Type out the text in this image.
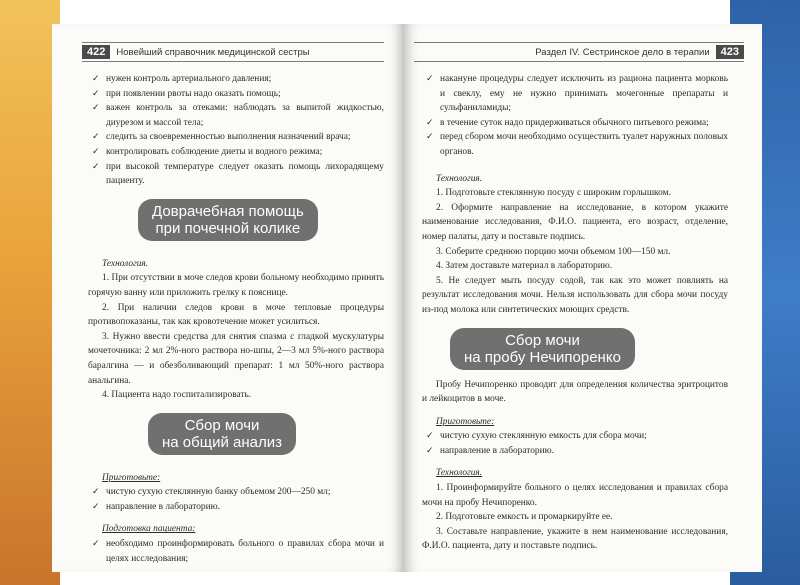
422	Новейший справочник медицинской сестры
✓ нужен контроль артериального давления;
✓ при появлении рвоты надо оказать помощь;
✓ важен контроль за отеками: наблюдать за выпитой жидкостью, диурезом и массой тела;
✓ следить за своевременностью выполнения назначений врача;
✓ контролировать соблюдение диеты и водного режима;
✓ при высокой температуре следует оказать помощь лихорадящему пациенту.
Доврачебная помощь
при почечной колике
Технология.

1. При отсутствии в моче следов крови больному необходимо принять горячую ванну или приложить грелку к пояснице.

2. При наличии следов крови в моче тепловые процедуры противопоказаны, так как кровотечение может усилиться.

3. Нужно ввести средства для снятия спазма с гладкой мускулатуры мочеточника: 2 мл 2%-ного раствора но-шпы, 2—3 мл 5%-ного раствора баралгина — и обезболивающий препарат: 1 мл 50%-ного раствора анальгина.

4. Пациента надо госпитализировать.

Сбор мочи
на общий анализ
Приготовьте:
✓ чистую сухую стеклянную банку объемом 200—250 мл;
✓ направление в лабораторию.
Подготовка пациента:
✓ необходимо проинформировать больного о правилах сбора мочи и целях исследования;
Раздел IV. Сестринское дело в терапии	423
✓ накануне процедуры следует исключить из рациона пациента морковь и свеклу, ему не нужно принимать мочегонные препараты и сульфаниламиды;
✓ в течение суток надо придерживаться обычного питьевого режима;
✓ перед сбором мочи необходимо осуществить туалет наружных половых органов.
Технология.

1. Подготовьте стеклянную посуду с широким горлышком.

2. Оформите направление на исследование, в котором укажите наименование исследования, Ф.И.О. пациента, его возраст, отделение, номер палаты, дату и поставьте подпись.

3. Соберите среднюю порцию мочи объемом 100—150 мл.

4. Затем доставьте материал в лабораторию.

5. Не следует мыть посуду содой, так как это может повлиять на результат исследования мочи. Нельзя использовать для сбора мочи посуду из-под молока или синтетических моющих средств.

Сбор мочи
на пробу Нечипоренко

Пробу Нечипоренко проводят для определения количества эритроцитов и лейкоцитов в моче.

Приготовьте:
✓ чистую сухую стеклянную емкость для сбора мочи;
✓ направление в лабораторию.
Технология.

1. Проинформируйте больного о целях исследования и правилах сбора мочи на пробу Нечипоренко.

2. Подготовьте емкость и промаркируйте ее.

3. Составьте направление, укажите в нем наименование исследования, Ф.И.О. пациента, дату и поставьте подпись.
